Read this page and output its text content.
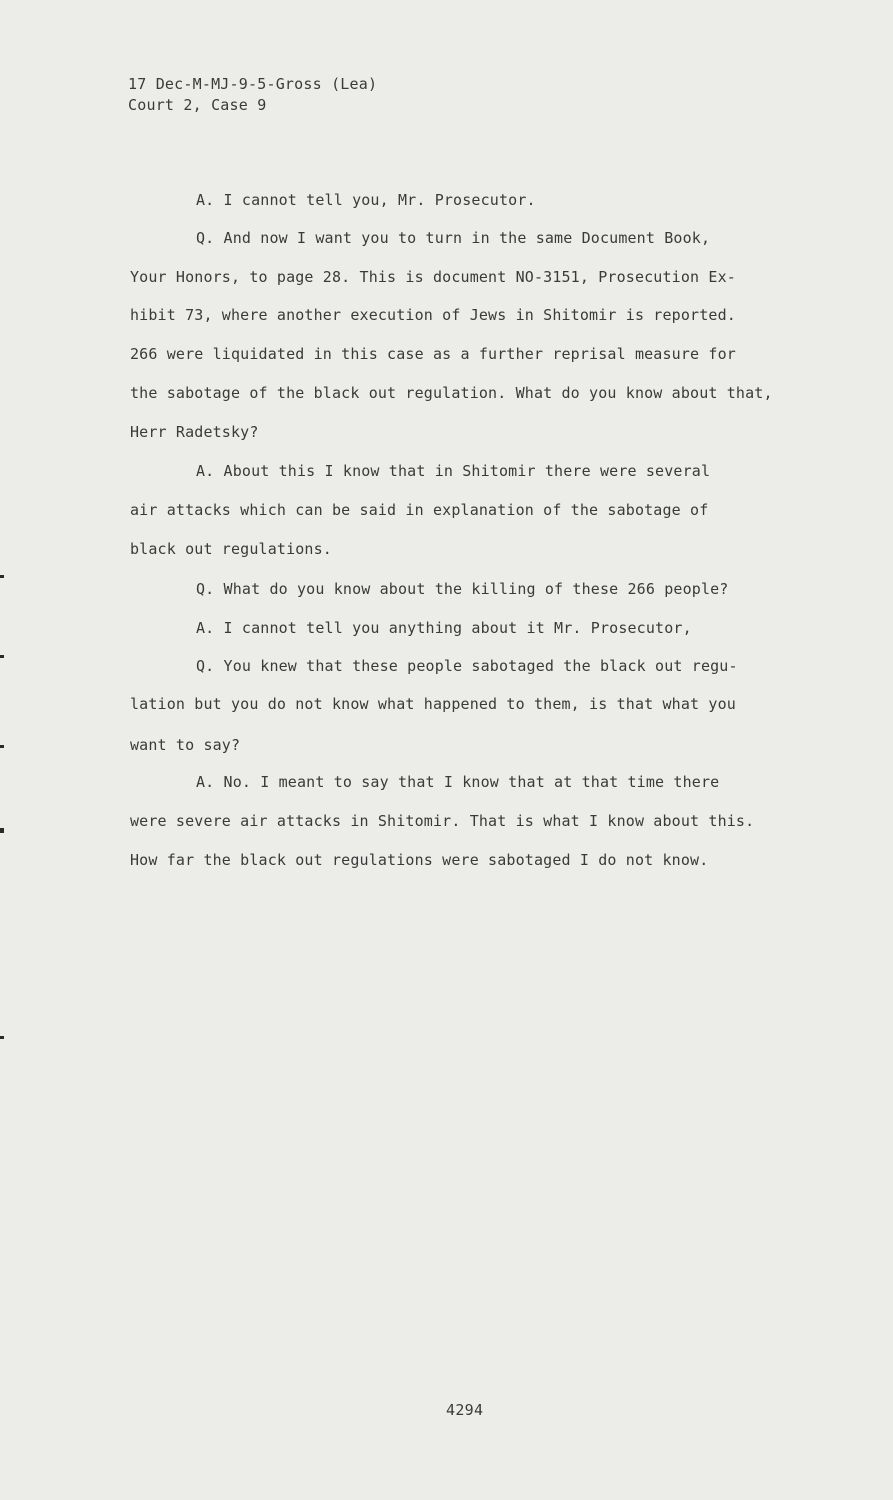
17 Dec-M-MJ-9-5-Gross (Lea)
Court 2, Case 9
A. I cannot tell you, Mr. Prosecutor.
Q. And now I want you to turn in the same Document Book,
Your Honors, to page 28. This is document NO-3151, Prosecution Ex-
hibit 73, where another execution of Jews in Shitomir is reported.
266 were liquidated in this case as a further reprisal measure for
the sabotage of the black out regulation. What do you know about that,
Herr Radetsky?
A. About this I know that in Shitomir there were several
air attacks which can be said in explanation of the sabotage of
black out regulations.
Q. What do you know about the killing of these 266 people?
A. I cannot tell you anything about it Mr. Prosecutor,
Q. You knew that these people sabotaged the black out regu-
lation but you do not know what happened to them, is that what you
want to say?
A. No. I meant to say that I know that at that time there
were severe air attacks in Shitomir. That is what I know about this.
How far the black out regulations were sabotaged I do not know.
4294
